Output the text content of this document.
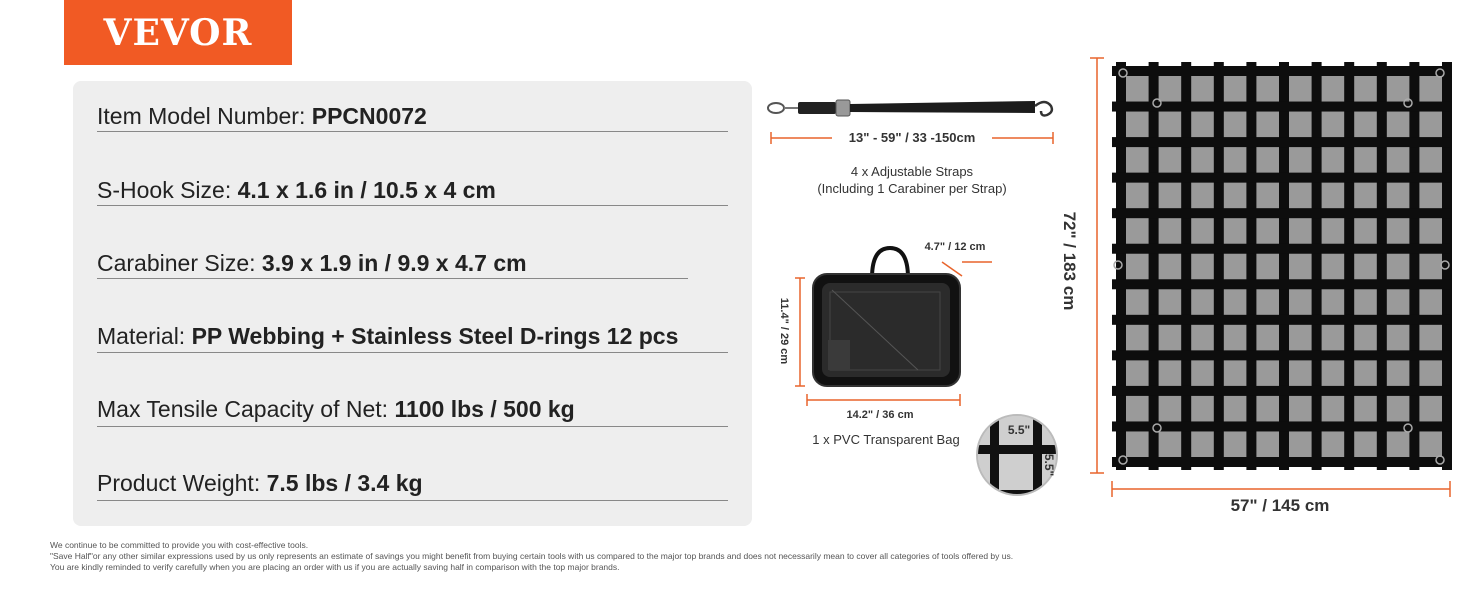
VEVOR
Item Model Number: PPCN0072
S-Hook Size: 4.1 x 1.6 in / 10.5 x 4 cm
Carabiner Size: 3.9 x 1.9 in / 9.9 x 4.7 cm
Material: PP Webbing + Stainless Steel D-rings 12 pcs
Max Tensile Capacity of Net: 1100 lbs / 500 kg
Product Weight: 7.5 lbs / 3.4 kg
13" - 59" / 33 -150cm
4 x Adjustable Straps
(Including 1 Carabiner per Strap)
4.7" / 12 cm
11.4" / 29 cm
14.2" / 36 cm
1 x PVC Transparent Bag
5.5"
5.5"
72" / 183 cm
57" / 145 cm
We continue to be committed to provide you with cost-effective tools.
"Save Half"or any other similar expressions used by us only represents an estimate of savings you might benefit from buying certain tools with us compared to the major top brands and does not necessarily mean to cover all categories of tools offered by us.
You are kindly reminded to verify carefully when you are placing an order with us if you are actually saving half in comparison with the top major brands.
